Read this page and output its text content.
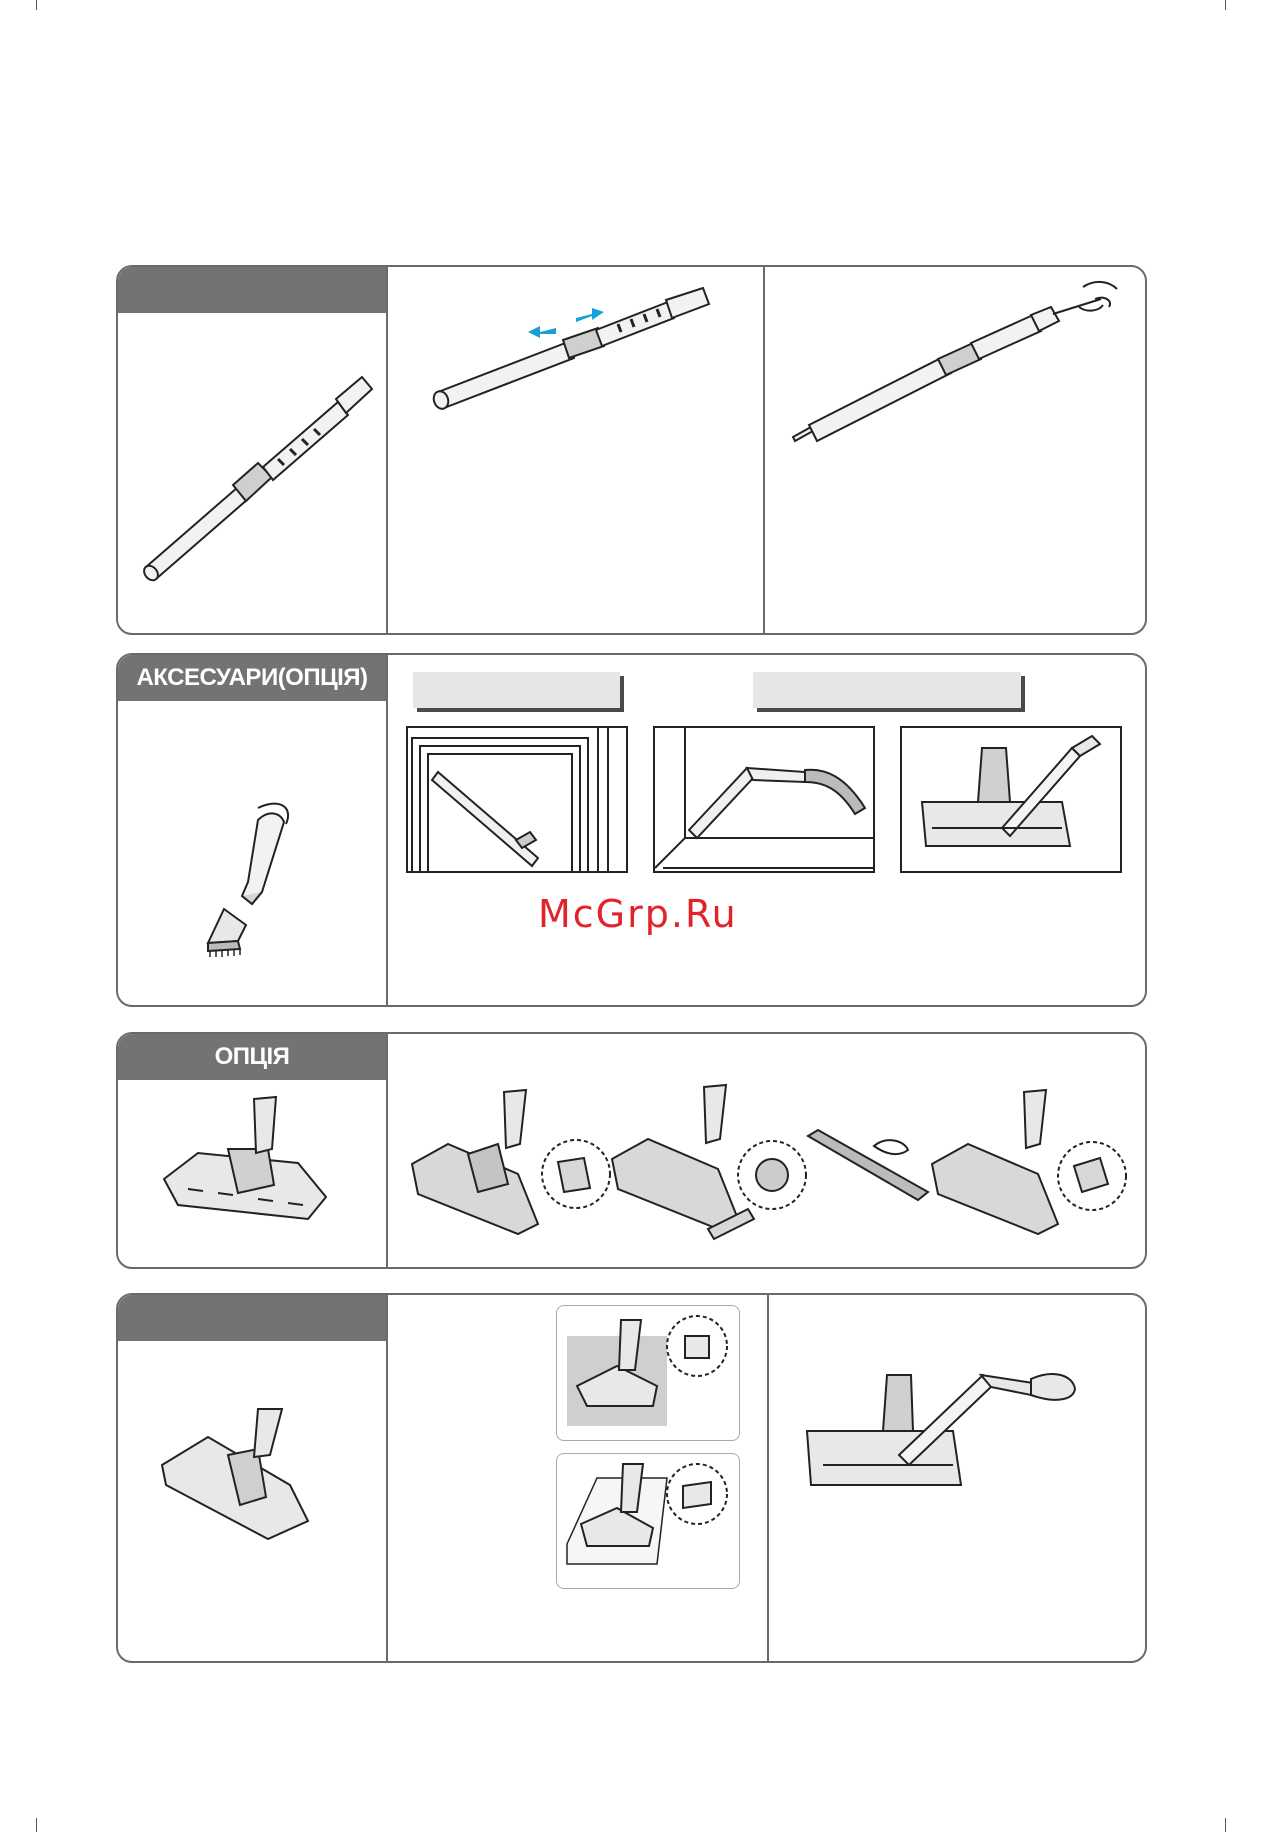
АКСЕСУАРИ(ОПЦІЯ)
McGrp.Ru
ОПЦІЯ
